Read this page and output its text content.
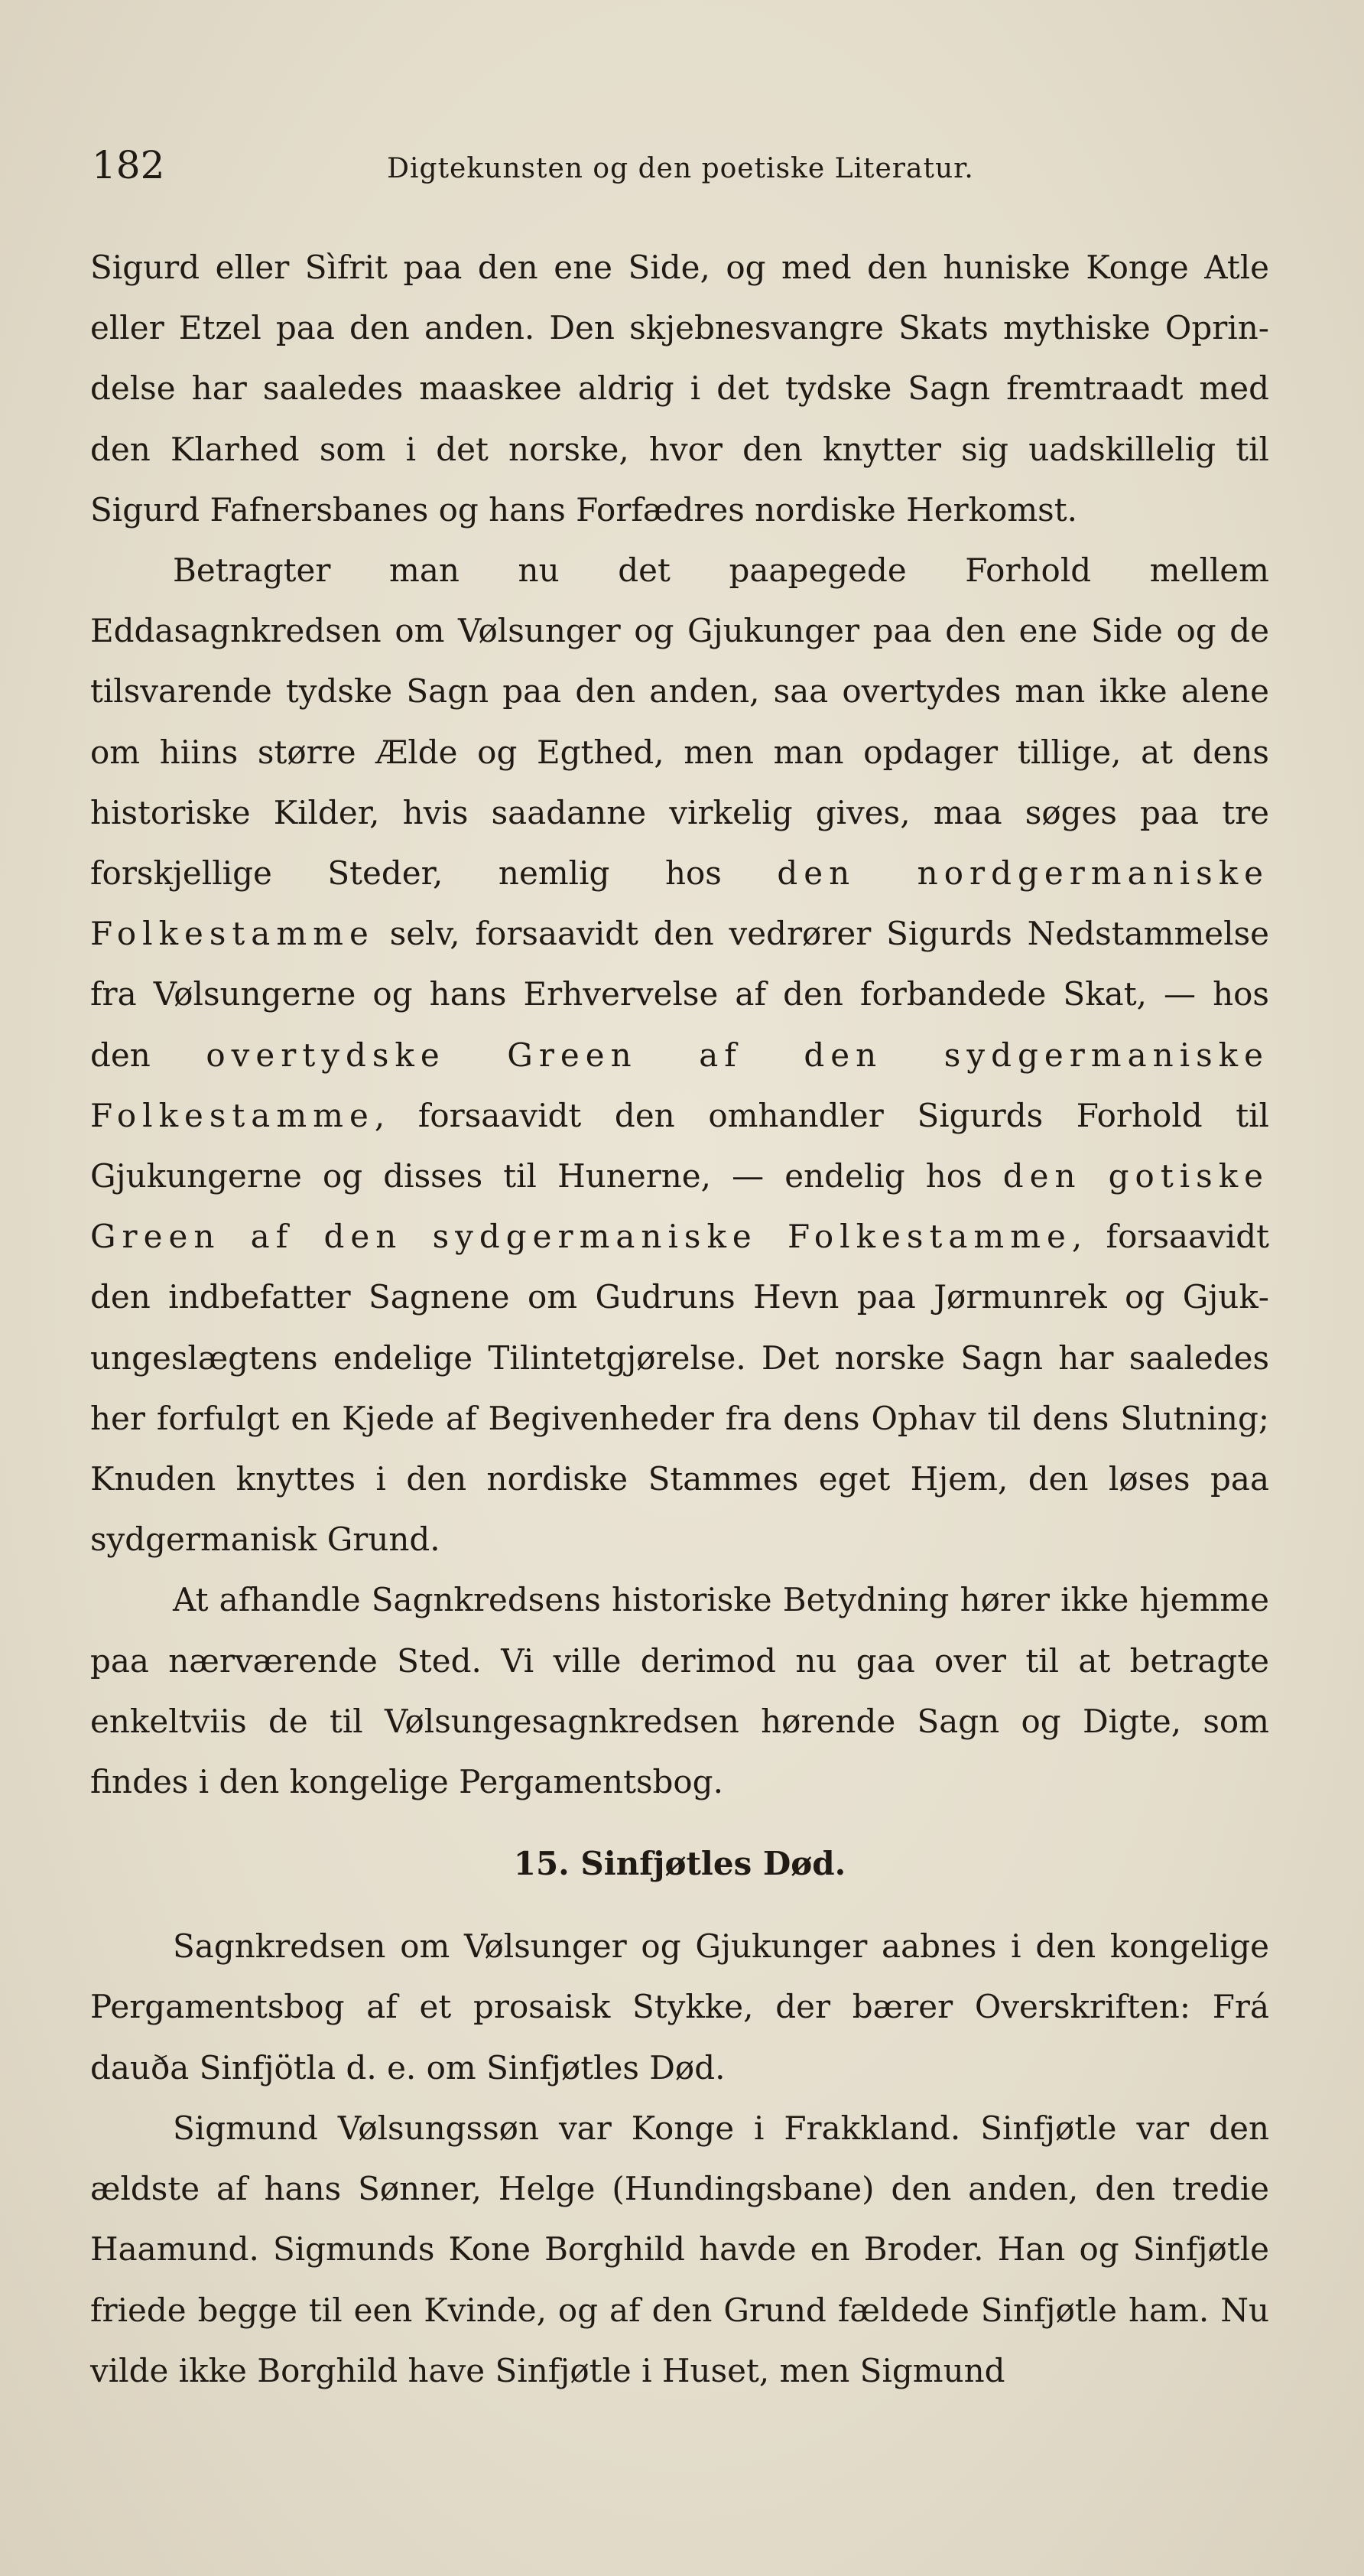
182	Digtekunsten og den poetiske Literatur.

Sigurd eller Sìfrit paa den ene Side, og med den huniske Konge Atle eller Etzel paa den anden. Den skjebnesvangre Skats mythiske Oprindelse har saaledes maaskee aldrig i det tydske Sagn fremtraadt med den Klarhed som i det norske, hvor den knytter sig uadskillelig til Sigurd Fafnersbanes og hans Forfædres nordiske Herkomst.

Betragter man nu det paapegede Forhold mellem Eddasagnkredsen om Vølsunger og Gjukunger paa den ene Side og de tilsvarende tydske Sagn paa den anden, saa overtydes man ikke alene om hiins større Ælde og Egthed, men man opdager tillige, at dens historiske Kilder, hvis saadanne virkelig gives, maa søges paa tre forskjellige Steder, nemlig hos den nordgermaniske Folkestamme selv, forsaavidt den vedrører Sigurds Nedstammelse fra Vølsungerne og hans Erhvervelse af den forbandede Skat, — hos den overtydske Green af den sydgermaniske Folkestamme, forsaavidt den omhandler Sigurds Forhold til Gjukungerne og disses til Hunerne, — endelig hos den gotiske Green af den sydgermaniske Folkestamme, forsaavidt den indbefatter Sagnene om Gudruns Hevn paa Jørmunrek og Gjukungeslægtens endelige Tilintetgjørelse. Det norske Sagn har saaledes her forfulgt en Kjede af Begivenheder fra dens Ophav til dens Slutning; Knuden knyttes i den nordiske Stammes eget Hjem, den løses paa sydgermanisk Grund.

At afhandle Sagnkredsens historiske Betydning hører ikke hjemme paa nærværende Sted. Vi ville derimod nu gaa over til at betragte enkeltviis de til Vølsungesagnkredsen hørende Sagn og Digte, som findes i den kongelige Pergamentsbog.

15. Sinfjøtles Død.

Sagnkredsen om Vølsunger og Gjukunger aabnes i den kongelige Pergamentsbog af et prosaisk Stykke, der bærer Overskriften: Frá dauða Sinfjötla d. e. om Sinfjøtles Død.

Sigmund Vølsungssøn var Konge i Frakkland. Sinfjøtle var den ældste af hans Sønner, Helge (Hundingsbane) den anden, den tredie Haamund. Sigmunds Kone Borghild havde en Broder. Han og Sinfjøtle friede begge til een Kvinde, og af den Grund fældede Sinfjøtle ham. Nu vilde ikke Borghild have Sinfjøtle i Huset, men Sigmund
